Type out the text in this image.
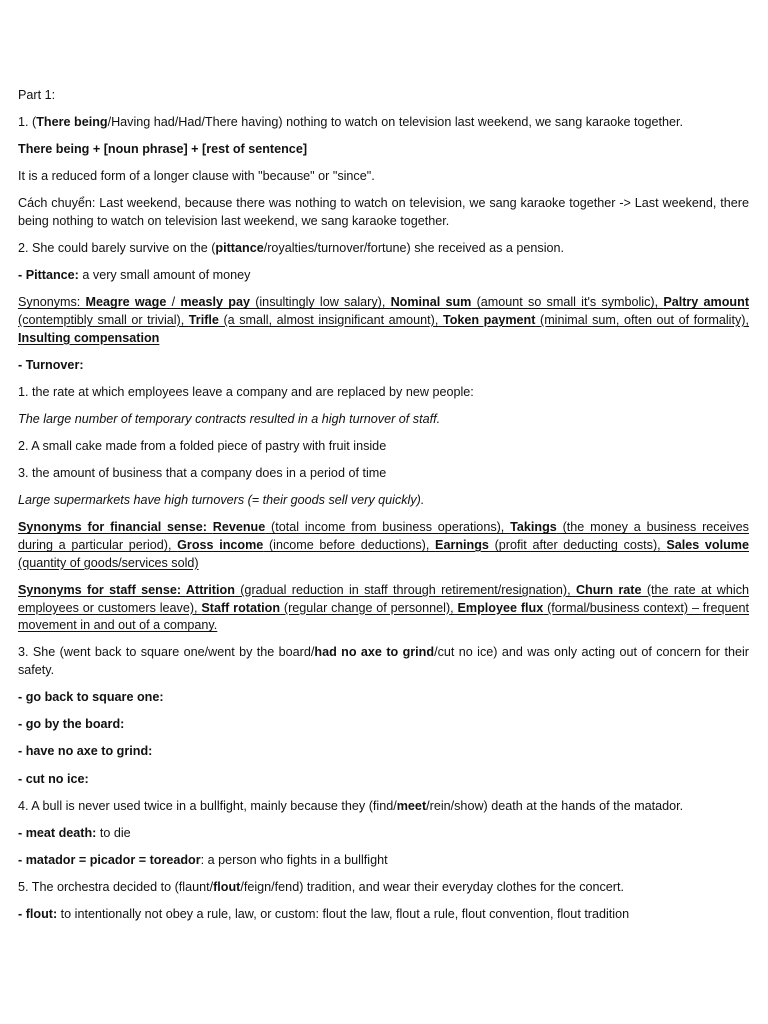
Part 1:

1. (There being/Having had/Had/There having) nothing to watch on television last weekend, we sang karaoke together.

There being + [noun phrase] + [rest of sentence]

It is a reduced form of a longer clause with "because" or "since".

Cách chuyển: Last weekend, because there was nothing to watch on television, we sang karaoke together -> Last weekend, there being nothing to watch on television last weekend, we sang karaoke together.

2. She could barely survive on the (pittance/royalties/turnover/fortune) she received as a pension.

- Pittance: a very small amount of money

Synonyms: Meagre wage / measly pay (insultingly low salary), Nominal sum (amount so small it's symbolic), Paltry amount (contemptibly small or trivial), Trifle (a small, almost insignificant amount), Token payment (minimal sum, often out of formality), Insulting compensation

- Turnover:

1. the rate at which employees leave a company and are replaced by new people:

The large number of temporary contracts resulted in a high turnover of staff.

2. A small cake made from a folded piece of pastry with fruit inside

3. the amount of business that a company does in a period of time

Large supermarkets have high turnovers (= their goods sell very quickly).

Synonyms for financial sense: Revenue (total income from business operations), Takings (the money a business receives during a particular period), Gross income (income before deductions), Earnings (profit after deducting costs), Sales volume (quantity of goods/services sold)

Synonyms for staff sense: Attrition (gradual reduction in staff through retirement/resignation), Churn rate (the rate at which employees or customers leave), Staff rotation (regular change of personnel), Employee flux (formal/business context) – frequent movement in and out of a company.

3. She (went back to square one/went by the board/had no axe to grind/cut no ice) and was only acting out of concern for their safety.

- go back to square one:

- go by the board:

- have no axe to grind:

- cut no ice:

4. A bull is never used twice in a bullfight, mainly because they (find/meet/rein/show) death at the hands of the matador.

- meat death: to die

- matador = picador = toreador: a person who fights in a bullfight

5. The orchestra decided to (flaunt/flout/feign/fend) tradition, and wear their everyday clothes for the concert.

- flout: to intentionally not obey a rule, law, or custom: flout the law, flout a rule, flout convention, flout tradition
